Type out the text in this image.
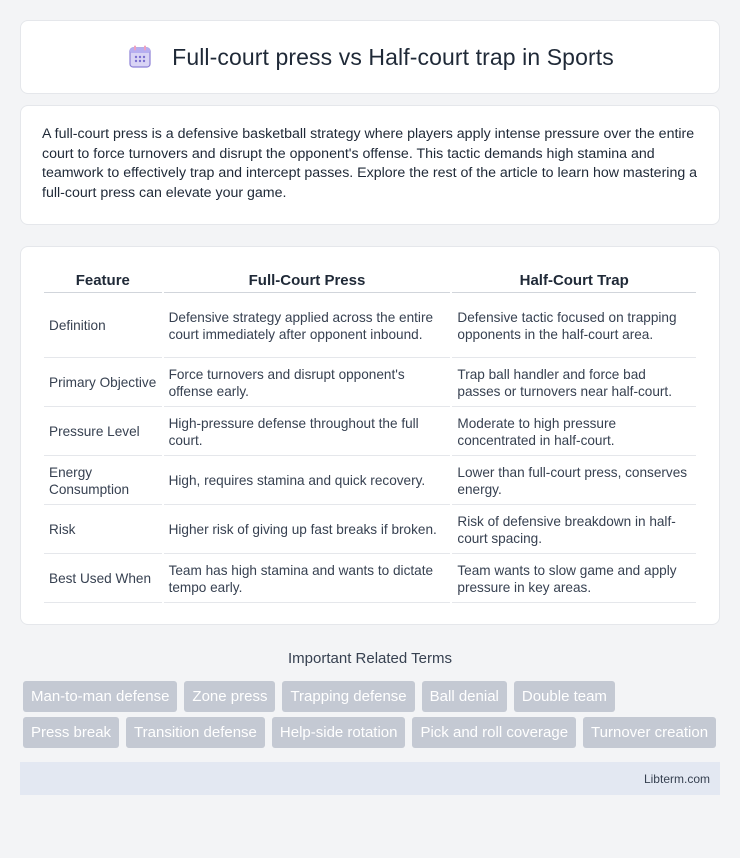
Full-court press vs Half-court trap in Sports

A full-court press is a defensive basketball strategy where players apply intense pressure over the entire court to force turnovers and disrupt the opponent's offense. This tactic demands high stamina and teamwork to effectively trap and intercept passes. Explore the rest of the article to learn how mastering a full-court press can elevate your game.

Feature	Full-Court Press	Half-Court Trap
Definition	Defensive strategy applied across the entire court immediately after opponent inbound.	Defensive tactic focused on trapping opponents in the half-court area.
Primary Objective	Force turnovers and disrupt opponent's offense early.	Trap ball handler and force bad passes or turnovers near half-court.
Pressure Level	High-pressure defense throughout the full court.	Moderate to high pressure concentrated in half-court.
Energy Consumption	High, requires stamina and quick recovery.	Lower than full-court press, conserves energy.
Risk	Higher risk of giving up fast breaks if broken.	Risk of defensive breakdown in half-court spacing.
Best Used When	Team has high stamina and wants to dictate tempo early.	Team wants to slow game and apply pressure in key areas.
Important Related Terms
Man-to-man defense	Zone press	Trapping defense	Ball denial	Double team
Press break	Transition defense	Help-side rotation	Pick and roll coverage	Turnover creation
Libterm.com
